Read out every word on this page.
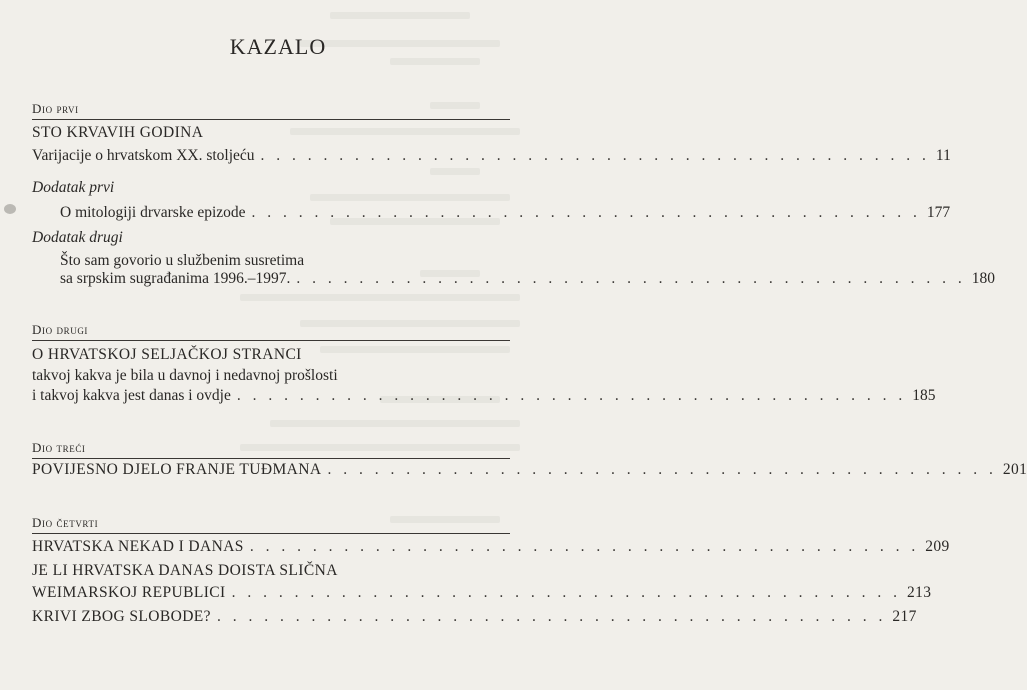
KAZALO
Dio prvi
STO KRVAVIH GODINA
Varijacije o hrvatskom XX. stoljeću . . . . . . . . . . . . . . . . . . . . . . . . . . . . . . . . . . . . . . . . . . . 11
Dodatak prvi
O mitologiji drvarske epizode . . . . . . . . . . . . . . . . . . . . . . . . . . . . . . . . . . . . . . . . . . . 177
Dodatak drugi
Što sam govorio u službenim susretima
sa srpskim sugrađanima 1996.–1997. . . . . . . . . . . . . . . . . . . . . . . . . . . . . . . . . . . . . . . . . . . . 180
Dio drugi
O HRVATSKOJ SELJAČKOJ STRANCI
takvoj kakva je bila u davnoj i nedavnoj prošlosti
i takvoj kakva jest danas i ovdje . . . . . . . . . . . . . . . . . . . . . . . . . . . . . . . . . . . . . . . . . . . 185
Dio treći
POVIJESNO DJELO FRANJE TUĐMANA . . . . . . . . . . . . . . . . . . . . . . . . . . . . . . . . . . . . . . . . . . . 201
Dio četvrti
HRVATSKA NEKAD I DANAS . . . . . . . . . . . . . . . . . . . . . . . . . . . . . . . . . . . . . . . . . . . 209
JE LI HRVATSKA DANAS DOISTA SLIČNA
WEIMARSKOJ REPUBLICI . . . . . . . . . . . . . . . . . . . . . . . . . . . . . . . . . . . . . . . . . . . 213
KRIVI ZBOG SLOBODE? . . . . . . . . . . . . . . . . . . . . . . . . . . . . . . . . . . . . . . . . . . . 217
